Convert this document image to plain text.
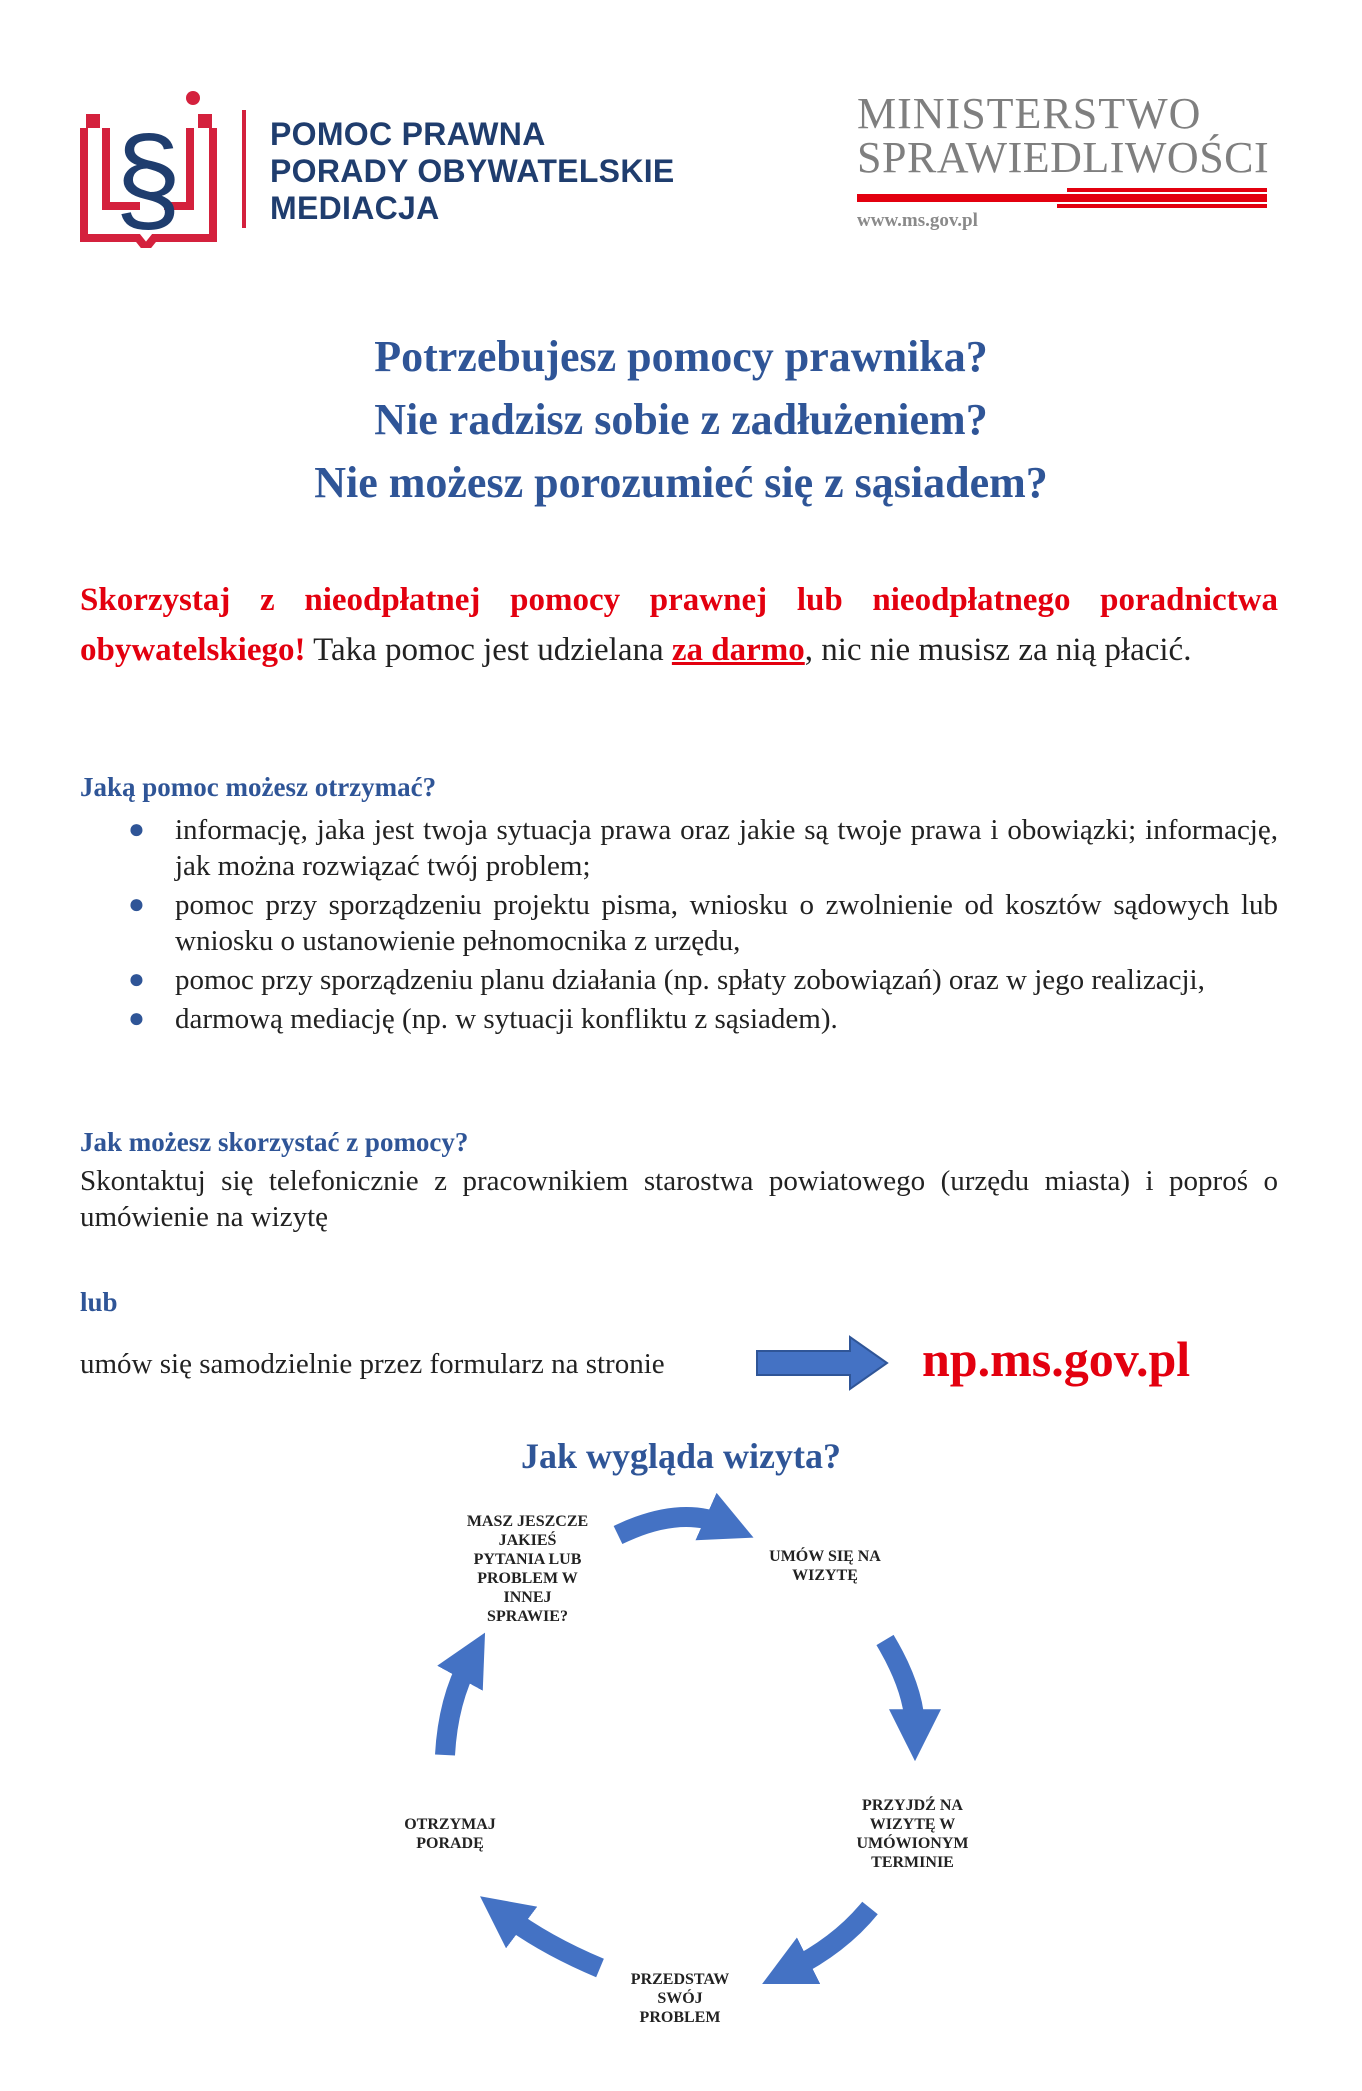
§	POMOC PRAWNA
PORADY OBYWATELSKIE
MEDIACJA
MINISTERSTWO
SPRAWIEDLIWOŚCI
www.ms.gov.pl
Potrzebujesz pomocy prawnika?
Nie radzisz sobie z zadłużeniem?
Nie możesz porozumieć się z sąsiadem?
Skorzystaj z nieodpłatnej pomocy prawnej lub nieodpłatnego poradnictwa obywatelskiego! Taka pomoc jest udzielana za darmo, nic nie musisz za nią płacić.
Jaką pomoc możesz otrzymać?
● informację, jaka jest twoja sytuacja prawa oraz jakie są twoje prawa i obowiązki; informację, jak można rozwiązać twój problem;
● pomoc przy sporządzeniu projektu pisma, wniosku o zwolnienie od kosztów sądowych lub wniosku o ustanowienie pełnomocnika z urzędu,
● pomoc przy sporządzeniu planu działania (np. spłaty zobowiązań) oraz w jego realizacji,
● darmową mediację (np. w sytuacji konfliktu z sąsiadem).
Jak możesz skorzystać z pomocy?
Skontaktuj się telefonicznie z pracownikiem starostwa powiatowego (urzędu miasta) i poproś o umówienie na wizytę
lub
umów się samodzielnie przez formularz na stronie	np.ms.gov.pl
Jak wygląda wizyta?
MASZ JESZCZE JAKIEŚ PYTANIA LUB PROBLEM W INNEJ SPRAWIE?
UMÓW SIĘ NA WIZYTĘ
PRZYJDŹ NA WIZYTĘ W UMÓWIONYM TERMINIE
PRZEDSTAW SWÓJ PROBLEM
OTRZYMAJ PORADĘ
